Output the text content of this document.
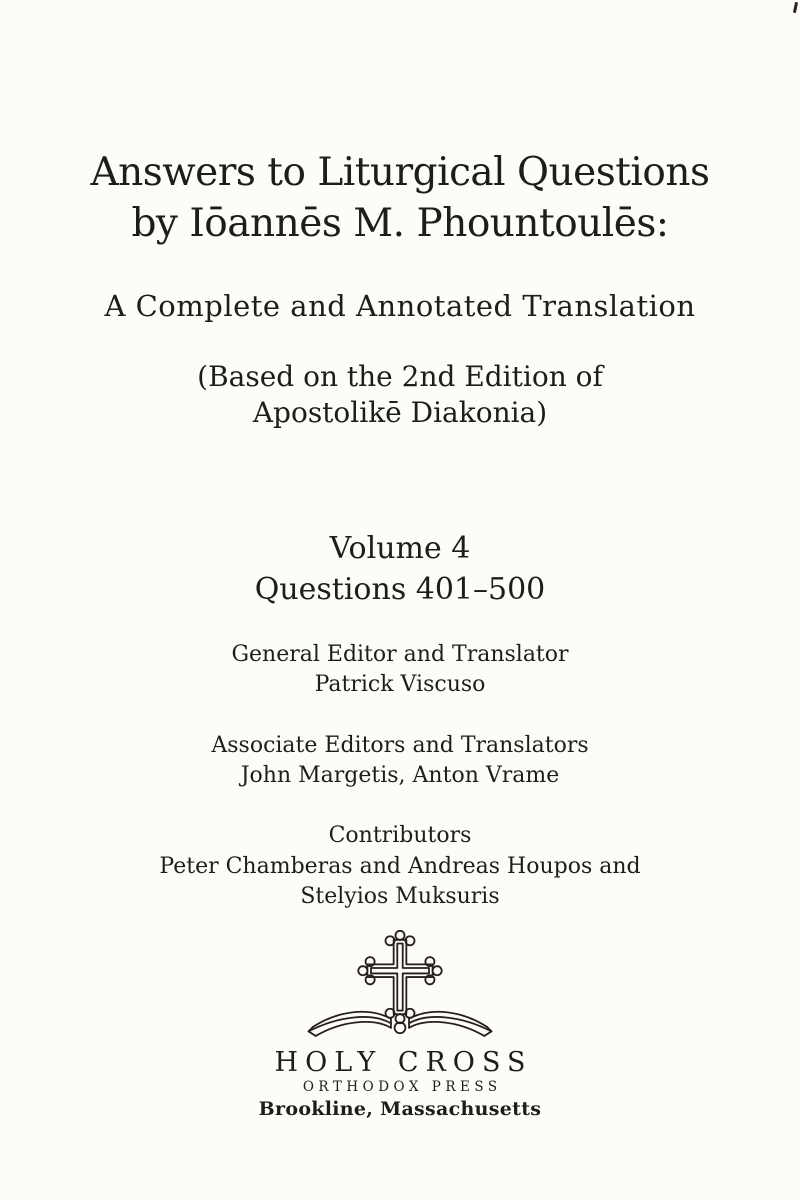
Answers to Liturgical Questions
by Iōannēs M. Phountoulēs:
A Complete and Annotated Translation
(Based on the 2nd Edition of
Apostolikē Diakonia)
Volume 4
Questions 401–500
General Editor and Translator
Patrick Viscuso
Associate Editors and Translators
John Margetis, Anton Vrame
Contributors
Peter Chamberas and Andreas Houpos and
Stelyios Muksuris
HOLY CROSS
ORTHODOX PRESS
Brookline, Massachusetts
